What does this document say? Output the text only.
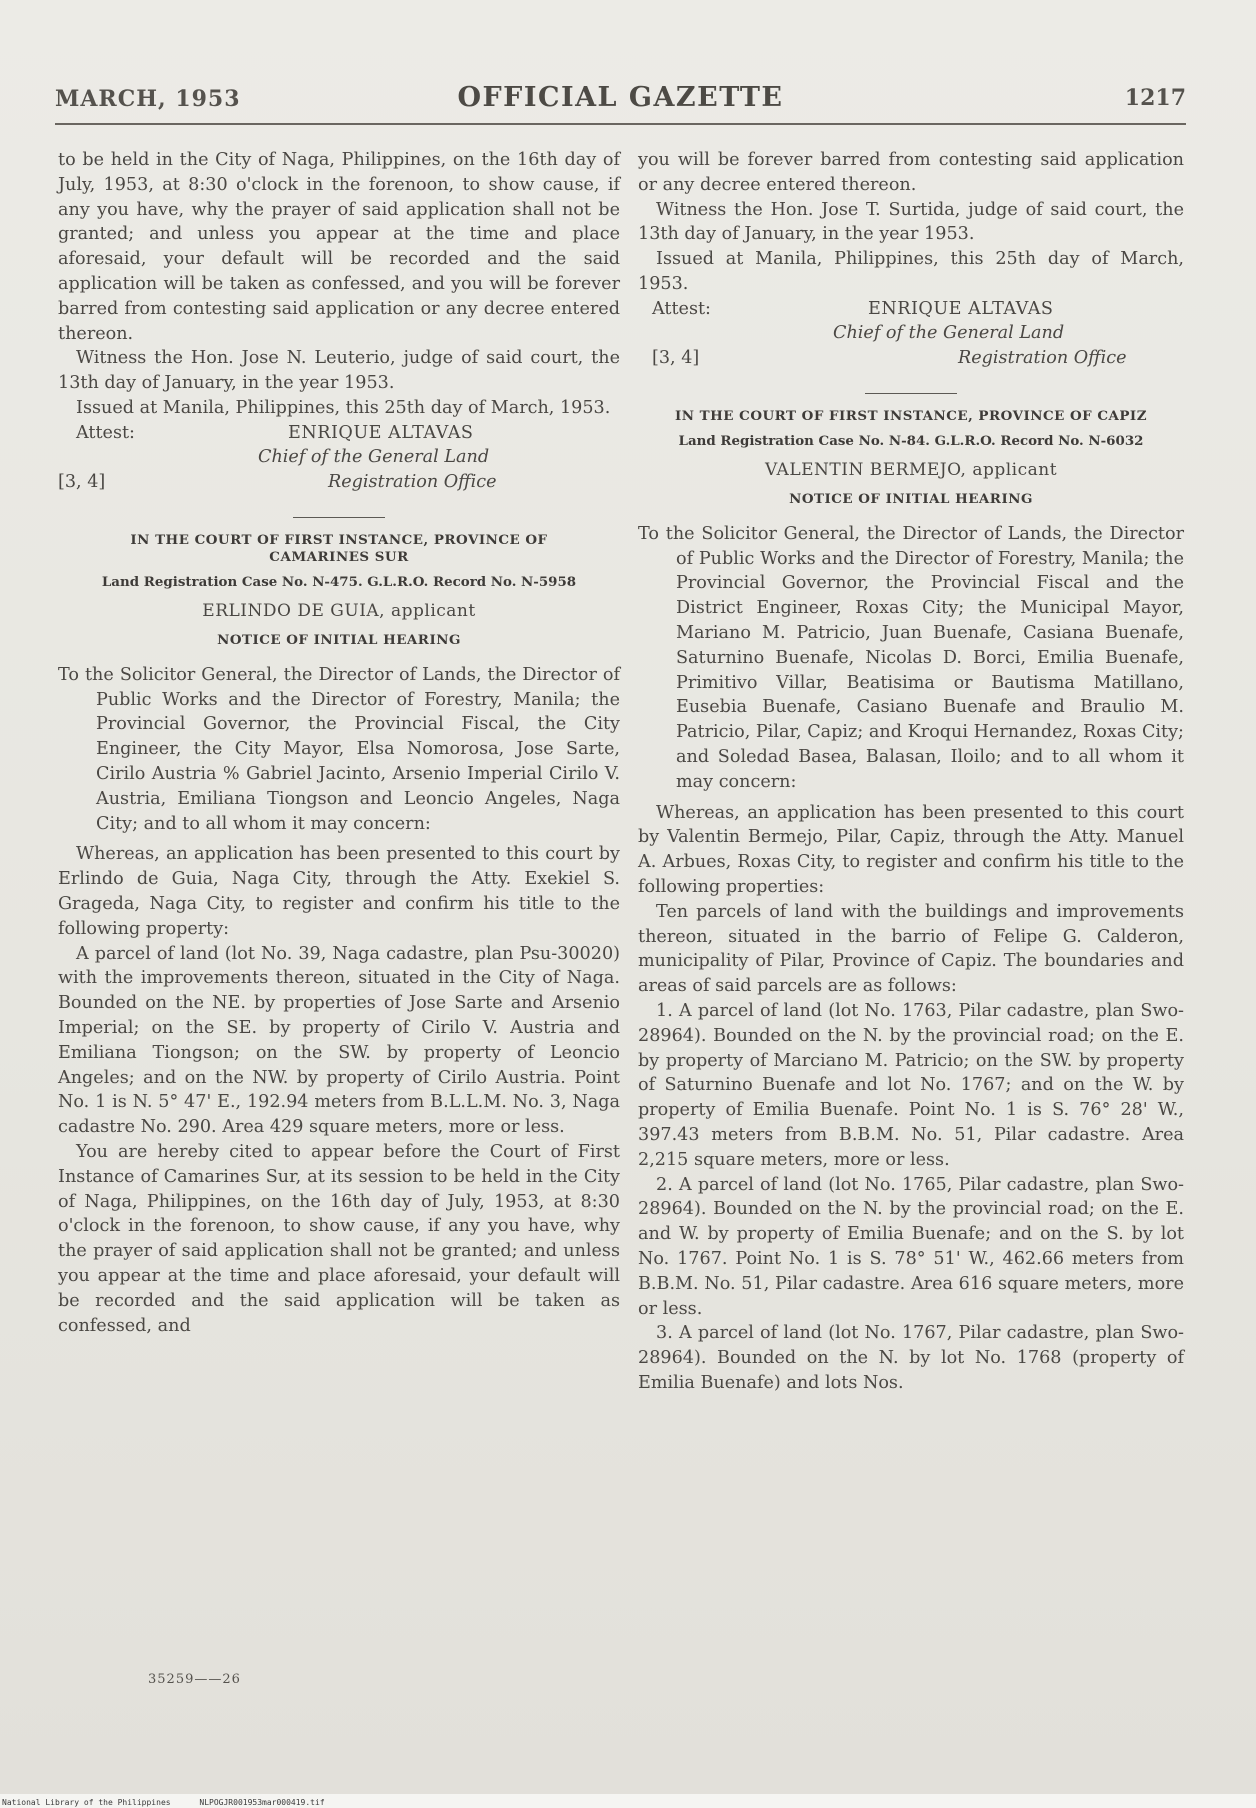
MARCH, 1953	OFFICIAL GAZETTE	1217

to be held in the City of Naga, Philippines, on the 16th day of July, 1953, at 8:30 o'clock in the forenoon, to show cause, if any you have, why the prayer of said application shall not be granted; and unless you appear at the time and place aforesaid, your default will be recorded and the said application will be taken as confessed, and you will be forever barred from contesting said application or any decree entered thereon.

Witness the Hon. Jose N. Leuterio, judge of said court, the 13th day of January, in the year 1953.

Issued at Manila, Philippines, this 25th day of March, 1953.

Attest:	ENRIQUE ALTAVAS
Chief of the General Land
[3, 4]	Registration Office
IN THE COURT OF FIRST INSTANCE, PROVINCE OF CAMARINES SUR
Land Registration Case No. N-475. G.L.R.O. Record No. N-5958
ERLINDO DE GUIA, applicant
NOTICE OF INITIAL HEARING

To the Solicitor General, the Director of Lands, the Director of Public Works and the Director of Forestry, Manila; the Provincial Governor, the Provincial Fiscal, the City Engineer, the City Mayor, Elsa Nomorosa, Jose Sarte, Cirilo Austria % Gabriel Jacinto, Arsenio Imperial Cirilo V. Austria, Emiliana Tiongson and Leoncio Angeles, Naga City; and to all whom it may concern:

Whereas, an application has been presented to this court by Erlindo de Guia, Naga City, through the Atty. Exekiel S. Grageda, Naga City, to register and confirm his title to the following property:

A parcel of land (lot No. 39, Naga cadastre, plan Psu-30020) with the improvements thereon, situated in the City of Naga. Bounded on the NE. by properties of Jose Sarte and Arsenio Imperial; on the SE. by property of Cirilo V. Austria and Emiliana Tiongson; on the SW. by property of Leoncio Angeles; and on the NW. by property of Cirilo Austria. Point No. 1 is N. 5° 47' E., 192.94 meters from B.L.L.M. No. 3, Naga cadastre No. 290. Area 429 square meters, more or less.

You are hereby cited to appear before the Court of First Instance of Camarines Sur, at its session to be held in the City of Naga, Philippines, on the 16th day of July, 1953, at 8:30 o'clock in the forenoon, to show cause, if any you have, why the prayer of said application shall not be granted; and unless you appear at the time and place aforesaid, your default will be recorded and the said application will be taken as confessed, and

you will be forever barred from contesting said application or any decree entered thereon.

Witness the Hon. Jose T. Surtida, judge of said court, the 13th day of January, in the year 1953.

Issued at Manila, Philippines, this 25th day of March, 1953.

Attest:	ENRIQUE ALTAVAS
Chief of the General Land
[3, 4]	Registration Office
IN THE COURT OF FIRST INSTANCE, PROVINCE OF CAPIZ
Land Registration Case No. N-84. G.L.R.O. Record No. N-6032
VALENTIN BERMEJO, applicant
NOTICE OF INITIAL HEARING

To the Solicitor General, the Director of Lands, the Director of Public Works and the Director of Forestry, Manila; the Provincial Governor, the Provincial Fiscal and the District Engineer, Roxas City; the Municipal Mayor, Mariano M. Patricio, Juan Buenafe, Casiana Buenafe, Saturnino Buenafe, Nicolas D. Borci, Emilia Buenafe, Primitivo Villar, Beatisima or Bautisma Matillano, Eusebia Buenafe, Casiano Buenafe and Braulio M. Patricio, Pilar, Capiz; and Kroqui Hernandez, Roxas City; and Soledad Basea, Balasan, Iloilo; and to all whom it may concern:

Whereas, an application has been presented to this court by Valentin Bermejo, Pilar, Capiz, through the Atty. Manuel A. Arbues, Roxas City, to register and confirm his title to the following properties:

Ten parcels of land with the buildings and improvements thereon, situated in the barrio of Felipe G. Calderon, municipality of Pilar, Province of Capiz. The boundaries and areas of said parcels are as follows:

1. A parcel of land (lot No. 1763, Pilar cadastre, plan Swo-28964). Bounded on the N. by the provincial road; on the E. by property of Marciano M. Patricio; on the SW. by property of Saturnino Buenafe and lot No. 1767; and on the W. by property of Emilia Buenafe. Point No. 1 is S. 76° 28' W., 397.43 meters from B.B.M. No. 51, Pilar cadastre. Area 2,215 square meters, more or less.

2. A parcel of land (lot No. 1765, Pilar cadastre, plan Swo-28964). Bounded on the N. by the provincial road; on the E. and W. by property of Emilia Buenafe; and on the S. by lot No. 1767. Point No. 1 is S. 78° 51' W., 462.66 meters from B.B.M. No. 51, Pilar cadastre. Area 616 square meters, more or less.

3. A parcel of land (lot No. 1767, Pilar cadastre, plan Swo-28964). Bounded on the N. by lot No. 1768 (property of Emilia Buenafe) and lots Nos.

35259——26
National Library of the Philippines	NLPOGJR001953mar000419.tif
